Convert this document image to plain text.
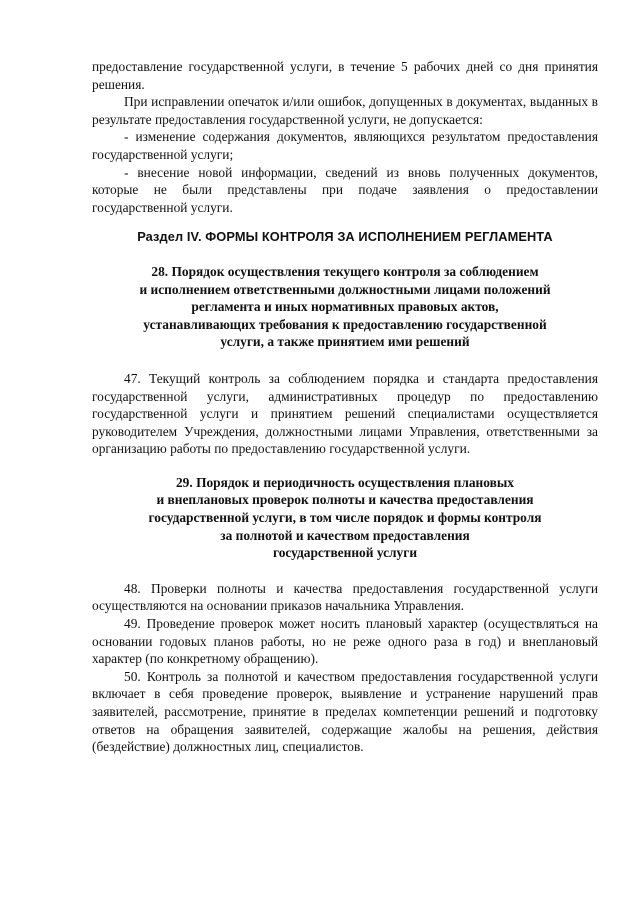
предоставление государственной услуги, в течение 5 рабочих дней со дня принятия решения.

При исправлении опечаток и/или ошибок, допущенных в документах, выданных в результате предоставления государственной услуги, не допускается:

- изменение содержания документов, являющихся результатом предоставления государственной услуги;

- внесение новой информации, сведений из вновь полученных документов, которые не были представлены при подаче заявления о предоставлении государственной услуги.

Раздел IV. ФОРМЫ КОНТРОЛЯ ЗА ИСПОЛНЕНИЕМ РЕГЛАМЕНТА
28. Порядок осуществления текущего контроля за соблюдением
и исполнением ответственными должностными лицами положений
регламента и иных нормативных правовых актов,
устанавливающих требования к предоставлению государственной
услуги, а также принятием ими решений

47. Текущий контроль за соблюдением порядка и стандарта предоставления государственной услуги, административных процедур по предоставлению государственной услуги и принятием решений специалистами осуществляется руководителем Учреждения, должностными лицами Управления, ответственными за организацию работы по предоставлению государственной услуги.

29. Порядок и периодичность осуществления плановых
и внеплановых проверок полноты и качества предоставления
государственной услуги, в том числе порядок и формы контроля
за полнотой и качеством предоставления
государственной услуги

48. Проверки полноты и качества предоставления государственной услуги осуществляются на основании приказов начальника Управления.

49. Проведение проверок может носить плановый характер (осуществляться на основании годовых планов работы, но не реже одного раза в год) и внеплановый характер (по конкретному обращению).

50. Контроль за полнотой и качеством предоставления государственной услуги включает в себя проведение проверок, выявление и устранение нарушений прав заявителей, рассмотрение, принятие в пределах компетенции решений и подготовку ответов на обращения заявителей, содержащие жалобы на решения, действия (бездействие) должностных лиц, специалистов.
